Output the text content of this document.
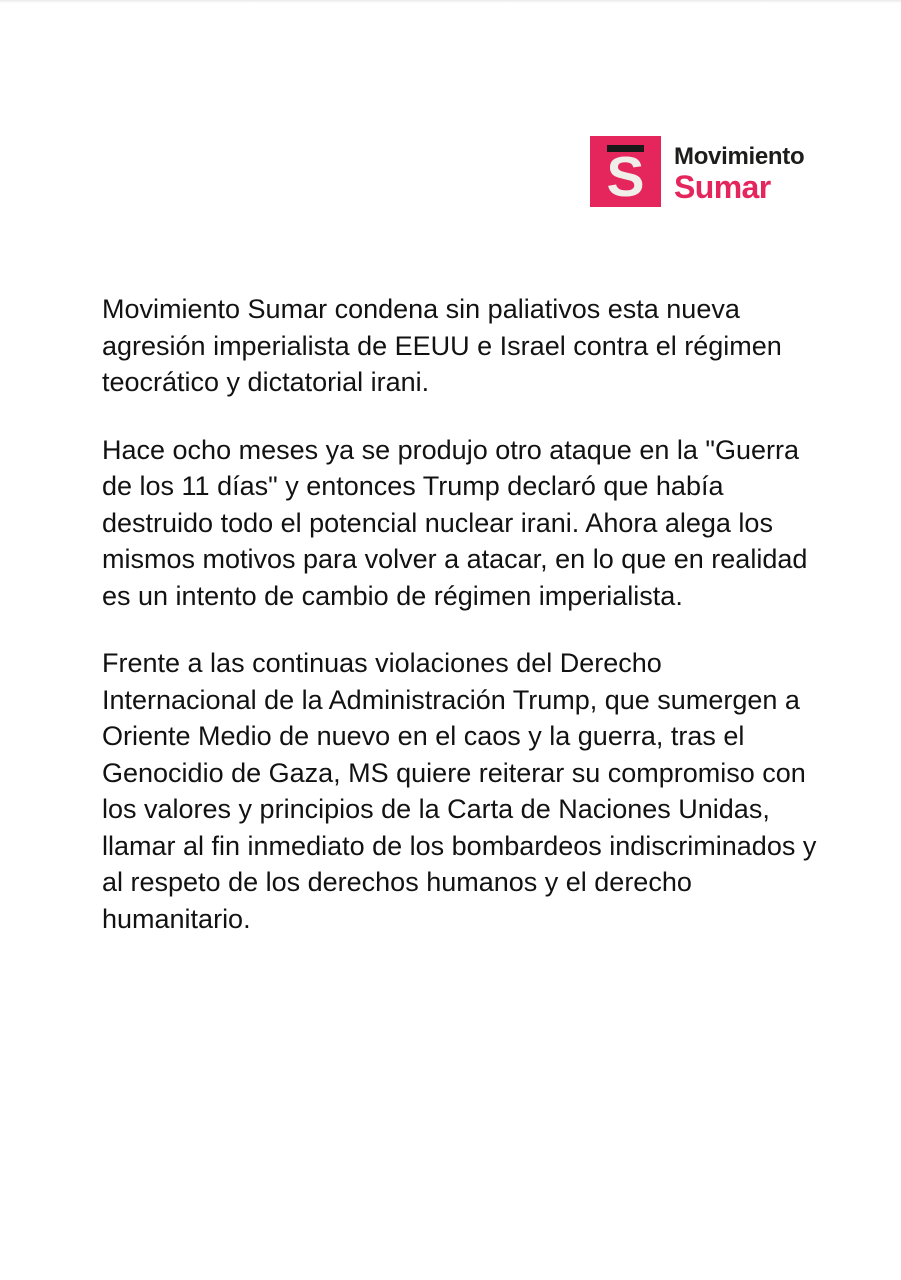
S	Movimiento
Sumar
Movimiento Sumar condena sin paliativos esta nueva
agresión imperialista de EEUU e Israel contra el régimen
teocrático y dictatorial irani.
Hace ocho meses ya se produjo otro ataque en la "Guerra
de los 11 días" y entonces Trump declaró que había
destruido todo el potencial nuclear irani. Ahora alega los
mismos motivos para volver a atacar, en lo que en realidad
es un intento de cambio de régimen imperialista.
Frente a las continuas violaciones del Derecho
Internacional de la Administración Trump, que sumergen a
Oriente Medio de nuevo en el caos y la guerra, tras el
Genocidio de Gaza, MS quiere reiterar su compromiso con
los valores y principios de la Carta de Naciones Unidas,
llamar al fin inmediato de los bombardeos indiscriminados y
al respeto de los derechos humanos y el derecho
humanitario.
